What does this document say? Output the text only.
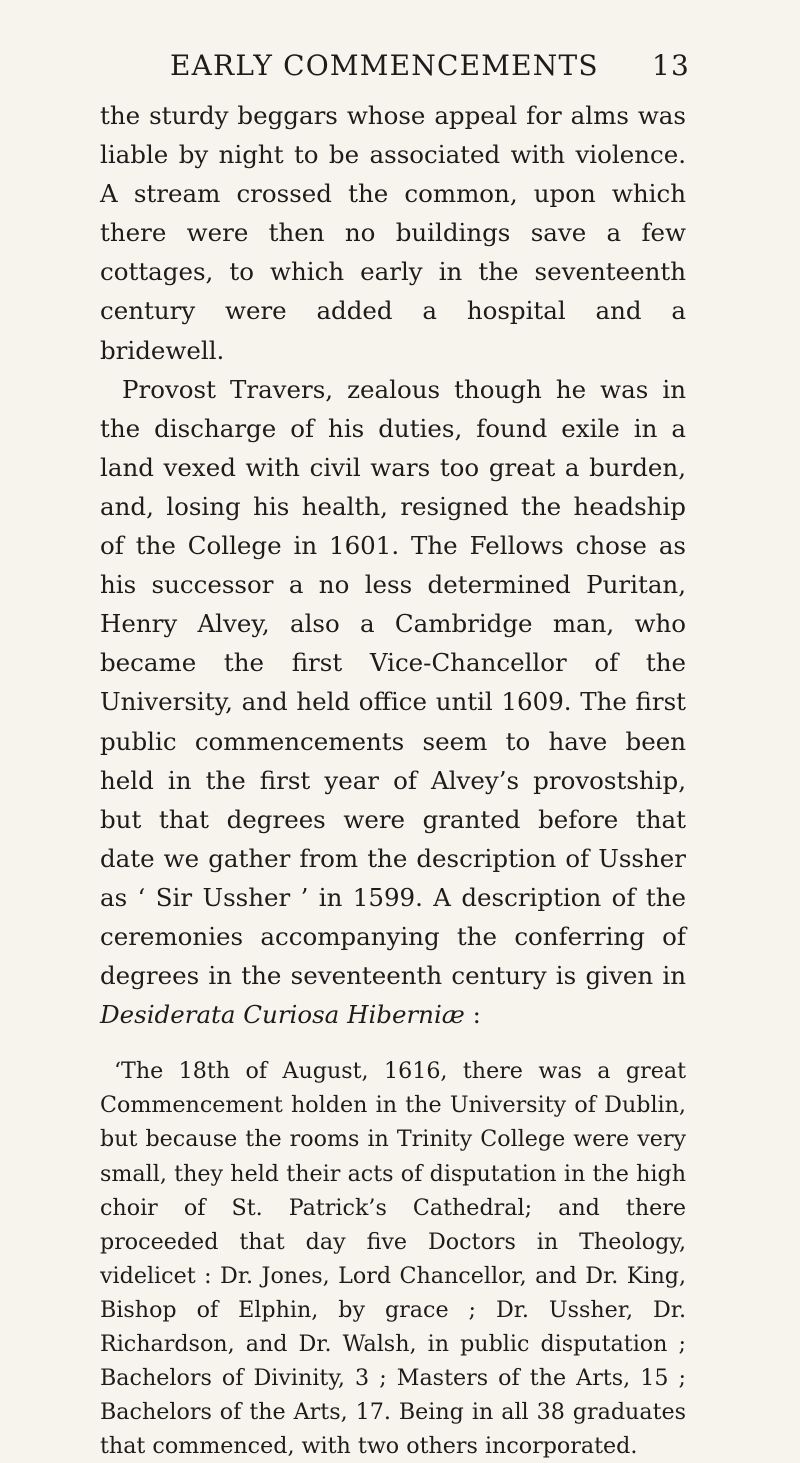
EARLY COMMENCEMENTS 13

the sturdy beggars whose appeal for alms was liable by night to be associated with violence. A stream crossed the common, upon which there were then no buildings save a few cottages, to which early in the seventeenth century were added a hospital and a bridewell.

Provost Travers, zealous though he was in the discharge of his duties, found exile in a land vexed with civil wars too great a burden, and, losing his health, resigned the headship of the College in 1601. The Fellows chose as his successor a no less determined Puritan, Henry Alvey, also a Cambridge man, who became the first Vice-Chancellor of the University, and held office until 1609. The first public commencements seem to have been held in the first year of Alvey’s provostship, but that degrees were granted before that date we gather from the description of Ussher as ‘ Sir Ussher ’ in 1599. A description of the ceremonies accompanying the conferring of degrees in the seventeenth century is given in Desiderata Curiosa Hiberniæ :

‘The 18th of August, 1616, there was a great Commencement holden in the University of Dublin, but because the rooms in Trinity College were very small, they held their acts of disputation in the high choir of St. Patrick’s Cathedral; and there proceeded that day five Doctors in Theology, videlicet : Dr. Jones, Lord Chancellor, and Dr. King, Bishop of Elphin, by grace ; Dr. Ussher, Dr. Richardson, and Dr. Walsh, in public disputation ; Bachelors of Divinity, 3 ; Masters of the Arts, 15 ; Bachelors of the Arts, 17. Being in all 38 graduates that commenced, with two others incorporated.
